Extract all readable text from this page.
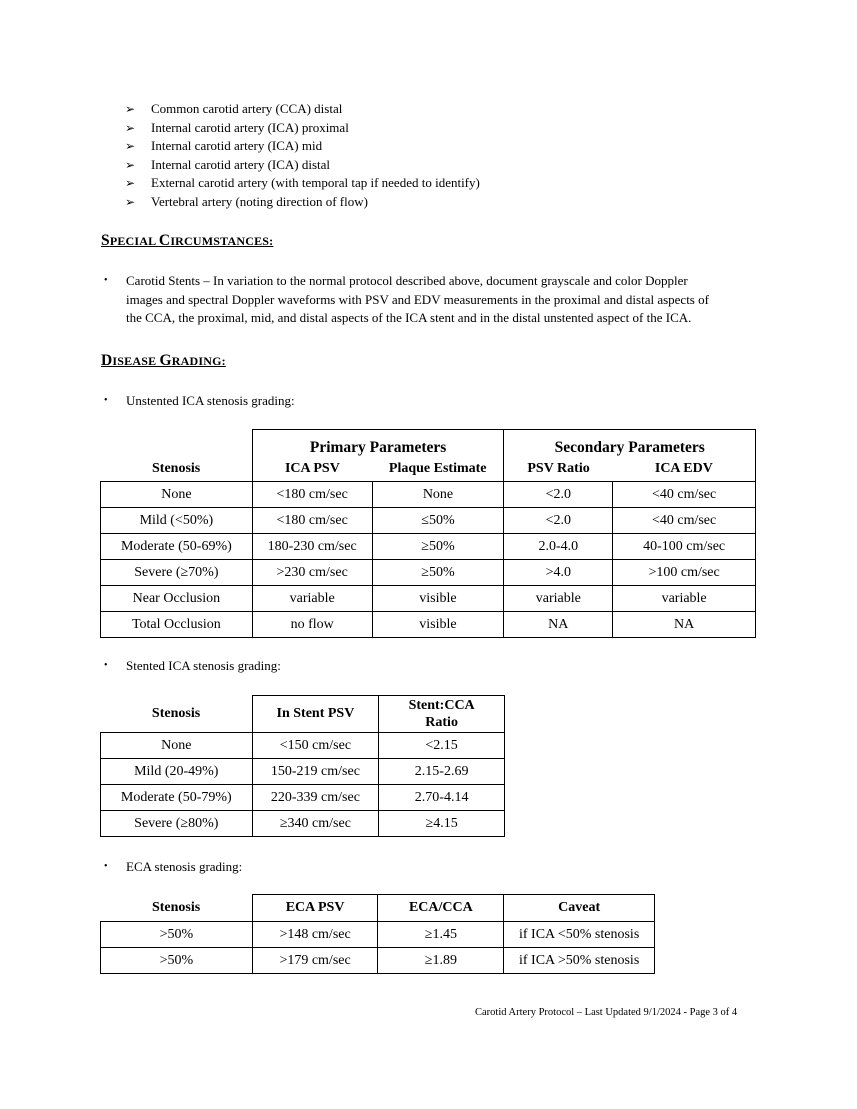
➢ Common carotid artery (CCA) distal
➢ Internal carotid artery (ICA) proximal
➢ Internal carotid artery (ICA) mid
➢ Internal carotid artery (ICA) distal
➢ External carotid artery (with temporal tap if needed to identify)
➢ Vertebral artery (noting direction of flow)
SPECIAL CIRCUMSTANCES:
• Carotid Stents – In variation to the normal protocol described above, document grayscale and color Doppler
images and spectral Doppler waveforms with PSV and EDV measurements in the proximal and distal aspects of
the CCA, the proximal, mid, and distal aspects of the ICA stent and in the distal unstented aspect of the ICA.
DISEASE GRADING:
• Unstented ICA stenosis grading:
	Primary Parameters		Secondary Parameters	
Stenosis	ICA PSV	Plaque Estimate	PSV Ratio	ICA EDV
None	<180 cm/sec	None	<2.0	<40 cm/sec
Mild (<50%)	<180 cm/sec	≤50%	<2.0	<40 cm/sec
Moderate (50-69%)	180-230 cm/sec	≥50%	2.0-4.0	40-100 cm/sec
Severe (≥70%)	>230 cm/sec	≥50%	>4.0	>100 cm/sec
Near Occlusion	variable	visible	variable	variable
Total Occlusion	no flow	visible	NA	NA
• Stented ICA stenosis grading:
Stenosis	In Stent PSV	Stent:CCA
Ratio

None	<150 cm/sec	<2.15
Mild (20-49%)	150-219 cm/sec	2.15-2.69
Moderate (50-79%)	220-339 cm/sec	2.70-4.14
Severe (≥80%)	≥340 cm/sec	≥4.15
• ECA stenosis grading:
Stenosis	ECA PSV	ECA/CCA	Caveat
>50%	>148 cm/sec	≥1.45	if ICA <50% stenosis
>50%	>179 cm/sec	≥1.89	if ICA >50% stenosis
Carotid Artery Protocol – Last Updated 9/1/2024 - Page 3 of 4
